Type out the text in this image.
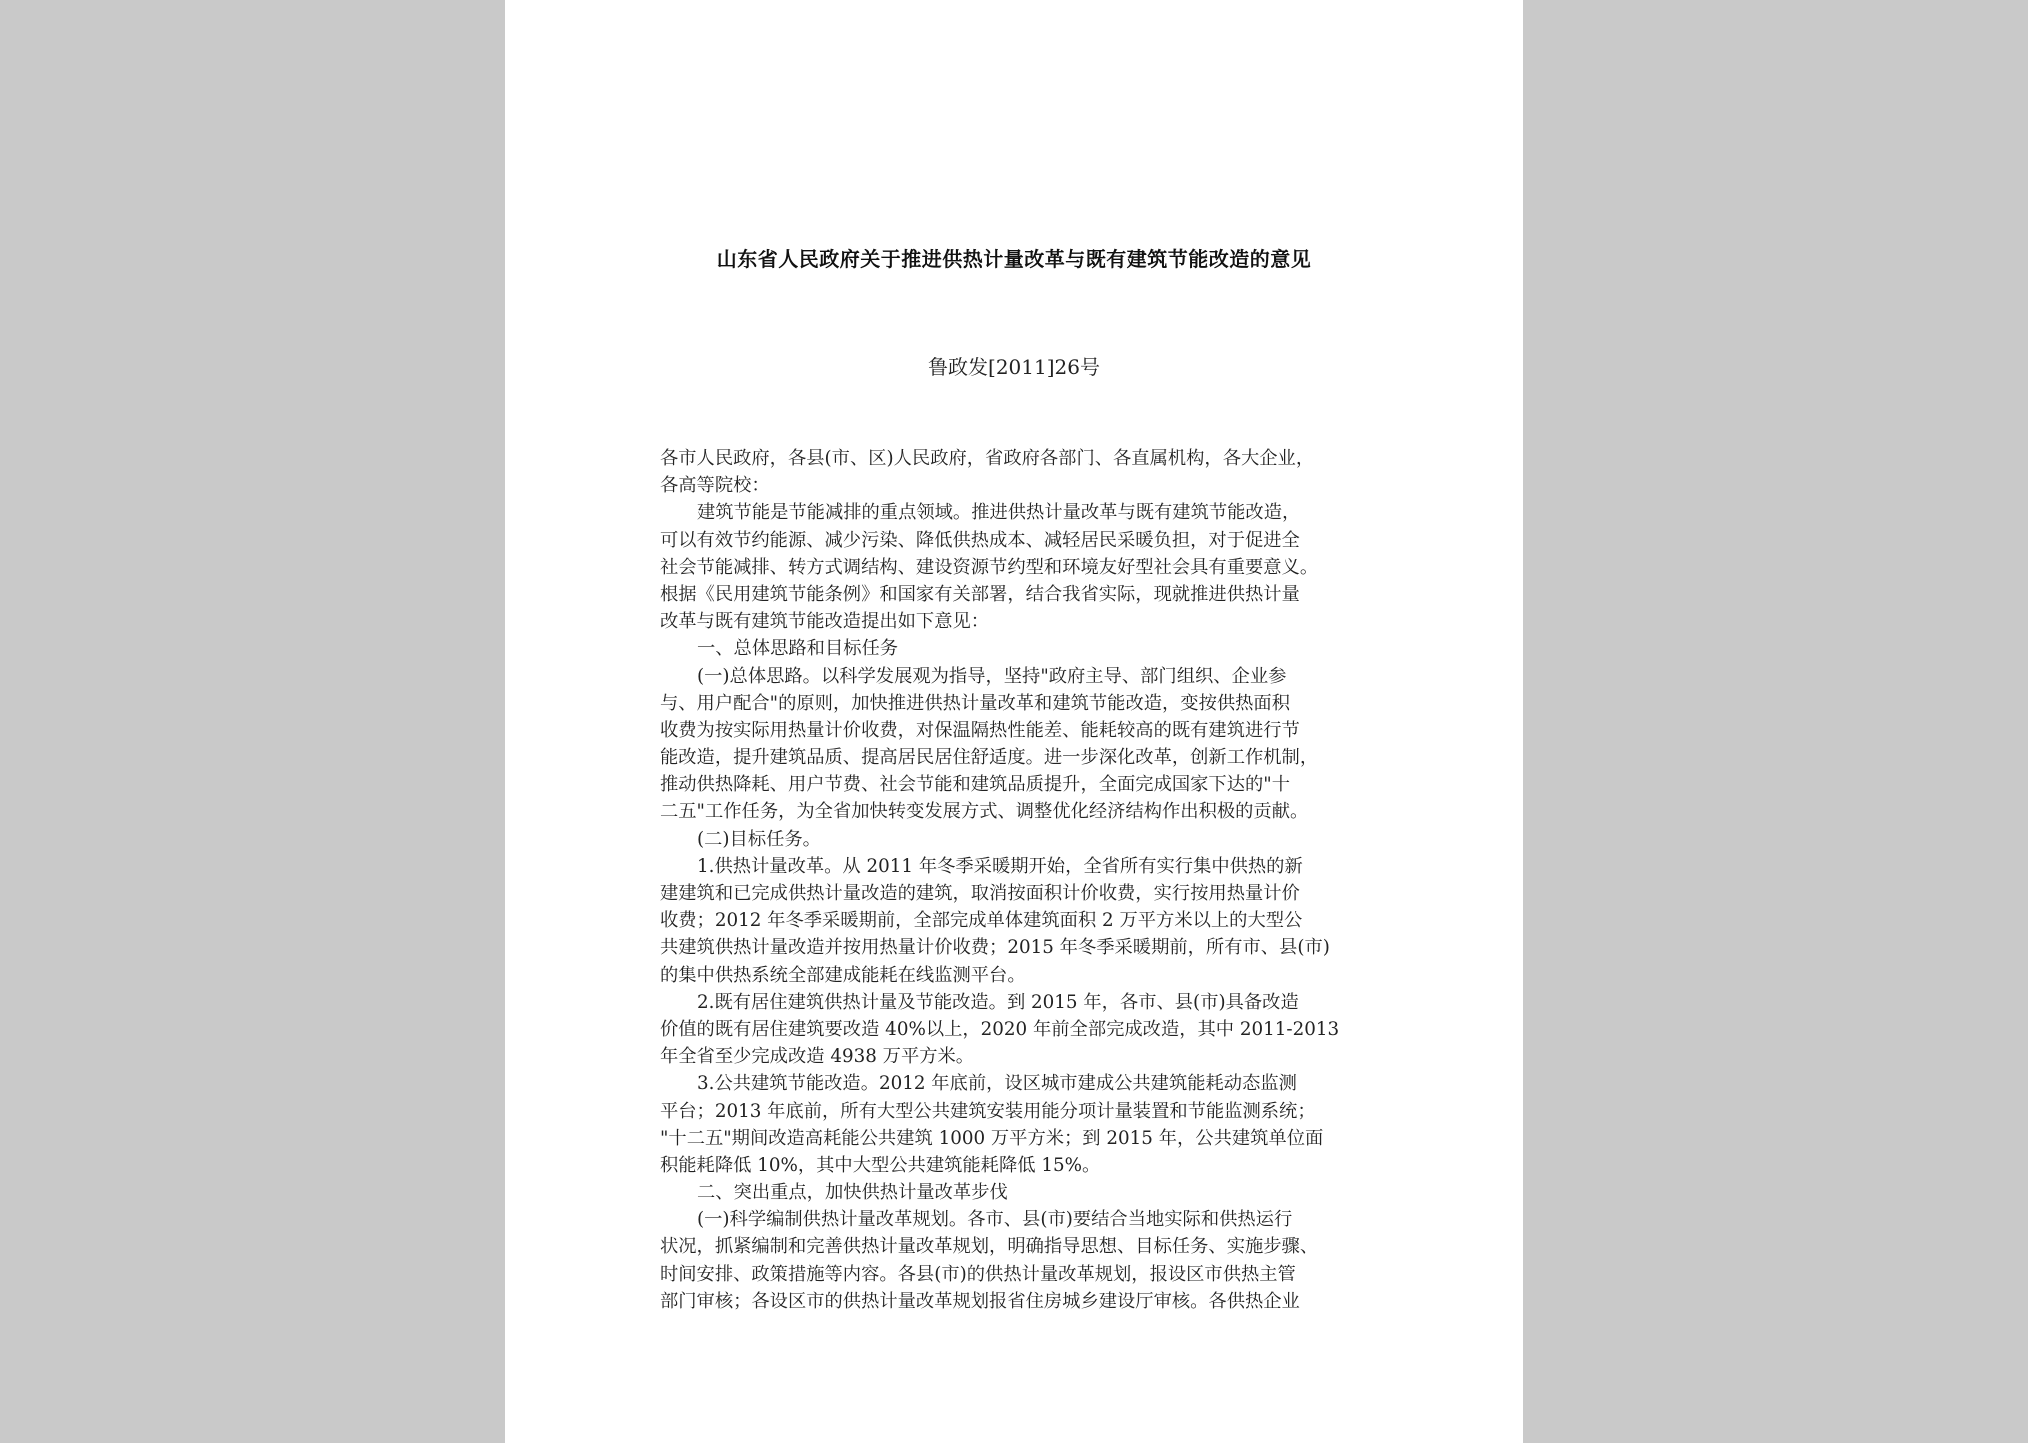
山东省人民政府关于推进供热计量改革与既有建筑节能改造的意见
鲁政发[2011]26号
各市人民政府，各县(市、区)人民政府，省政府各部门、各直属机构，各大企业，
各高等院校：
建筑节能是节能减排的重点领域。推进供热计量改革与既有建筑节能改造，
可以有效节约能源、减少污染、降低供热成本、减轻居民采暖负担，对于促进全
社会节能减排、转方式调结构、建设资源节约型和环境友好型社会具有重要意义。
根据《民用建筑节能条例》和国家有关部署，结合我省实际，现就推进供热计量
改革与既有建筑节能改造提出如下意见：
一、总体思路和目标任务
(一)总体思路。以科学发展观为指导，坚持"政府主导、部门组织、企业参
与、用户配合"的原则，加快推进供热计量改革和建筑节能改造，变按供热面积
收费为按实际用热量计价收费，对保温隔热性能差、能耗较高的既有建筑进行节
能改造，提升建筑品质、提高居民居住舒适度。进一步深化改革，创新工作机制，
推动供热降耗、用户节费、社会节能和建筑品质提升，全面完成国家下达的"十
二五"工作任务，为全省加快转变发展方式、调整优化经济结构作出积极的贡献。
(二)目标任务。
1.供热计量改革。从 2011 年冬季采暖期开始，全省所有实行集中供热的新
建建筑和已完成供热计量改造的建筑，取消按面积计价收费，实行按用热量计价
收费；2012 年冬季采暖期前，全部完成单体建筑面积 2 万平方米以上的大型公
共建筑供热计量改造并按用热量计价收费；2015 年冬季采暖期前，所有市、县(市)
的集中供热系统全部建成能耗在线监测平台。
2.既有居住建筑供热计量及节能改造。到 2015 年，各市、县(市)具备改造
价值的既有居住建筑要改造 40%以上，2020 年前全部完成改造，其中 2011-2013
年全省至少完成改造 4938 万平方米。
3.公共建筑节能改造。2012 年底前，设区城市建成公共建筑能耗动态监测
平台；2013 年底前，所有大型公共建筑安装用能分项计量装置和节能监测系统；
"十二五"期间改造高耗能公共建筑 1000 万平方米；到 2015 年，公共建筑单位面
积能耗降低 10%，其中大型公共建筑能耗降低 15%。
二、突出重点，加快供热计量改革步伐
(一)科学编制供热计量改革规划。各市、县(市)要结合当地实际和供热运行
状况，抓紧编制和完善供热计量改革规划，明确指导思想、目标任务、实施步骤、
时间安排、政策措施等内容。各县(市)的供热计量改革规划，报设区市供热主管
部门审核；各设区市的供热计量改革规划报省住房城乡建设厅审核。各供热企业
